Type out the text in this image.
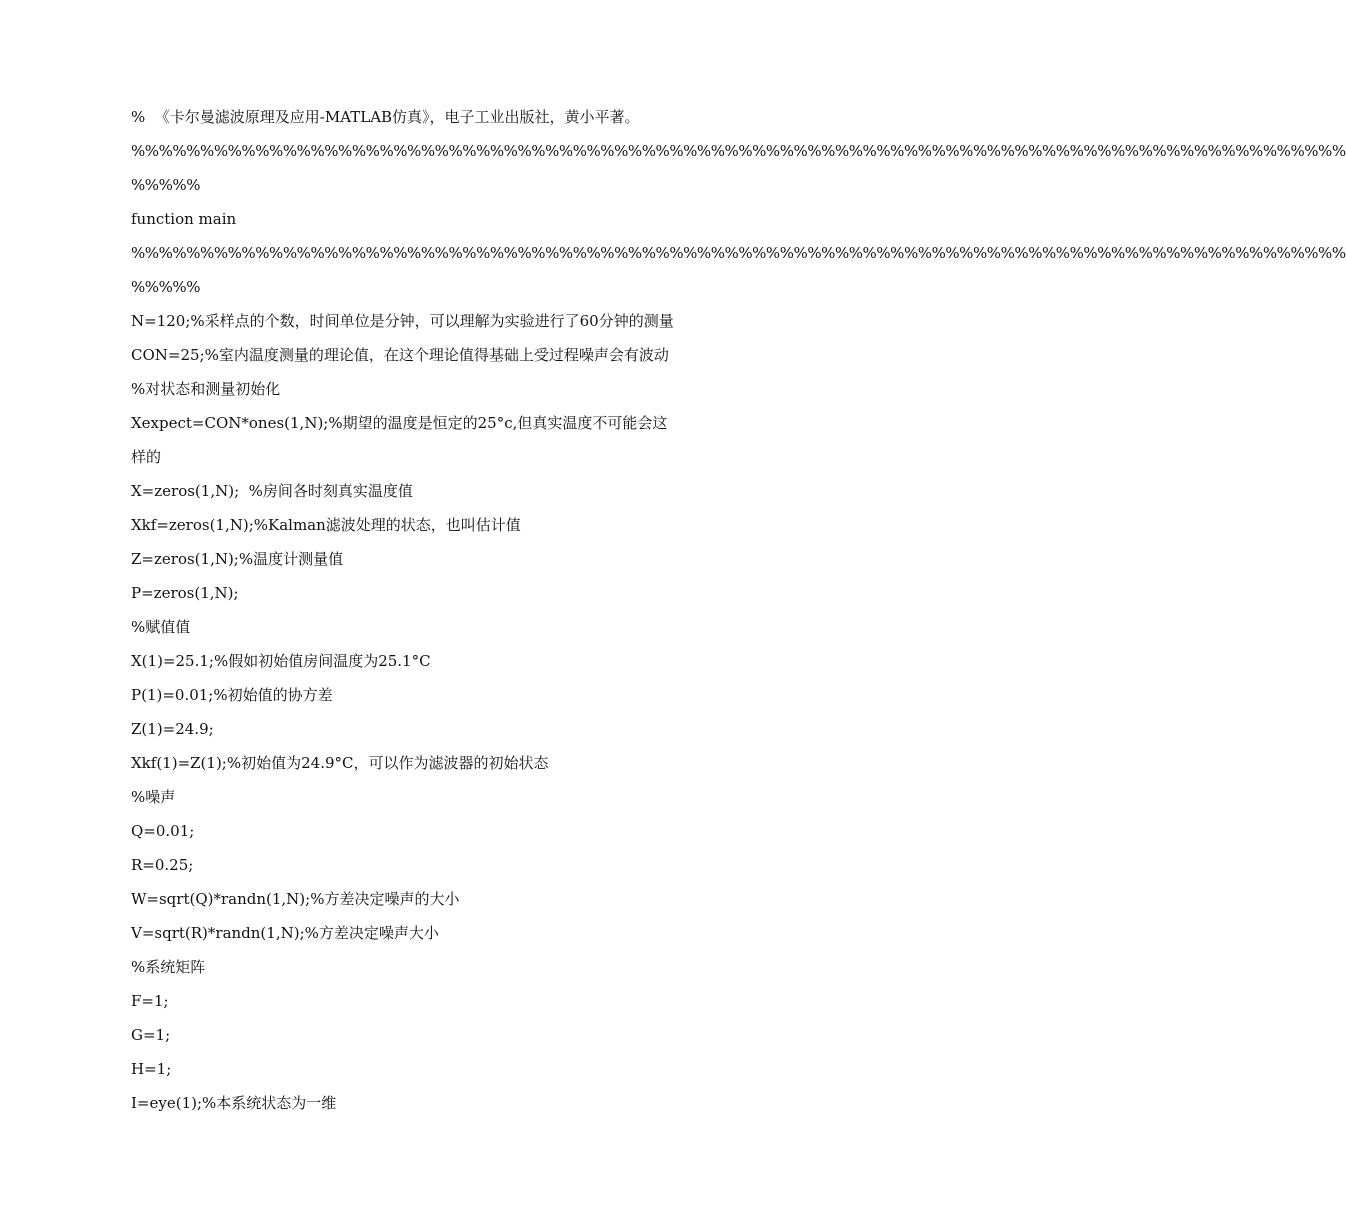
%  《卡尔曼滤波原理及应用-MATLAB仿真》，电子工业出版社，黄小平著。
%%%%%%%%%%%%%%%%%%%%%%%%%%%%%%%%%%%%%%%%%%%%%%%%%%%%%%%%%%%%%%%%%%%%%%%%%%%%%%%%%%%%%%%%
%%%%%
function main
%%%%%%%%%%%%%%%%%%%%%%%%%%%%%%%%%%%%%%%%%%%%%%%%%%%%%%%%%%%%%%%%%%%%%%%%%%%%%%%%%%%%%%%%
%%%%%
N=120;%采样点的个数，时间单位是分钟，可以理解为实验进行了60分钟的测量
CON=25;%室内温度测量的理论值，在这个理论值得基础上受过程噪声会有波动
%对状态和测量初始化
Xexpect=CON*ones(1,N);%期望的温度是恒定的25°c,但真实温度不可能会这
样的
X=zeros(1,N);  %房间各时刻真实温度值
Xkf=zeros(1,N);%Kalman滤波处理的状态，也叫估计值
Z=zeros(1,N);%温度计测量值
P=zeros(1,N);
%赋值值
X(1)=25.1;%假如初始值房间温度为25.1°C
P(1)=0.01;%初始值的协方差
Z(1)=24.9;
Xkf(1)=Z(1);%初始值为24.9°C，可以作为滤波器的初始状态
%噪声
Q=0.01;
R=0.25;
W=sqrt(Q)*randn(1,N);%方差决定噪声的大小
V=sqrt(R)*randn(1,N);%方差决定噪声大小
%系统矩阵
F=1;
G=1;
H=1;
I=eye(1);%本系统状态为一维
